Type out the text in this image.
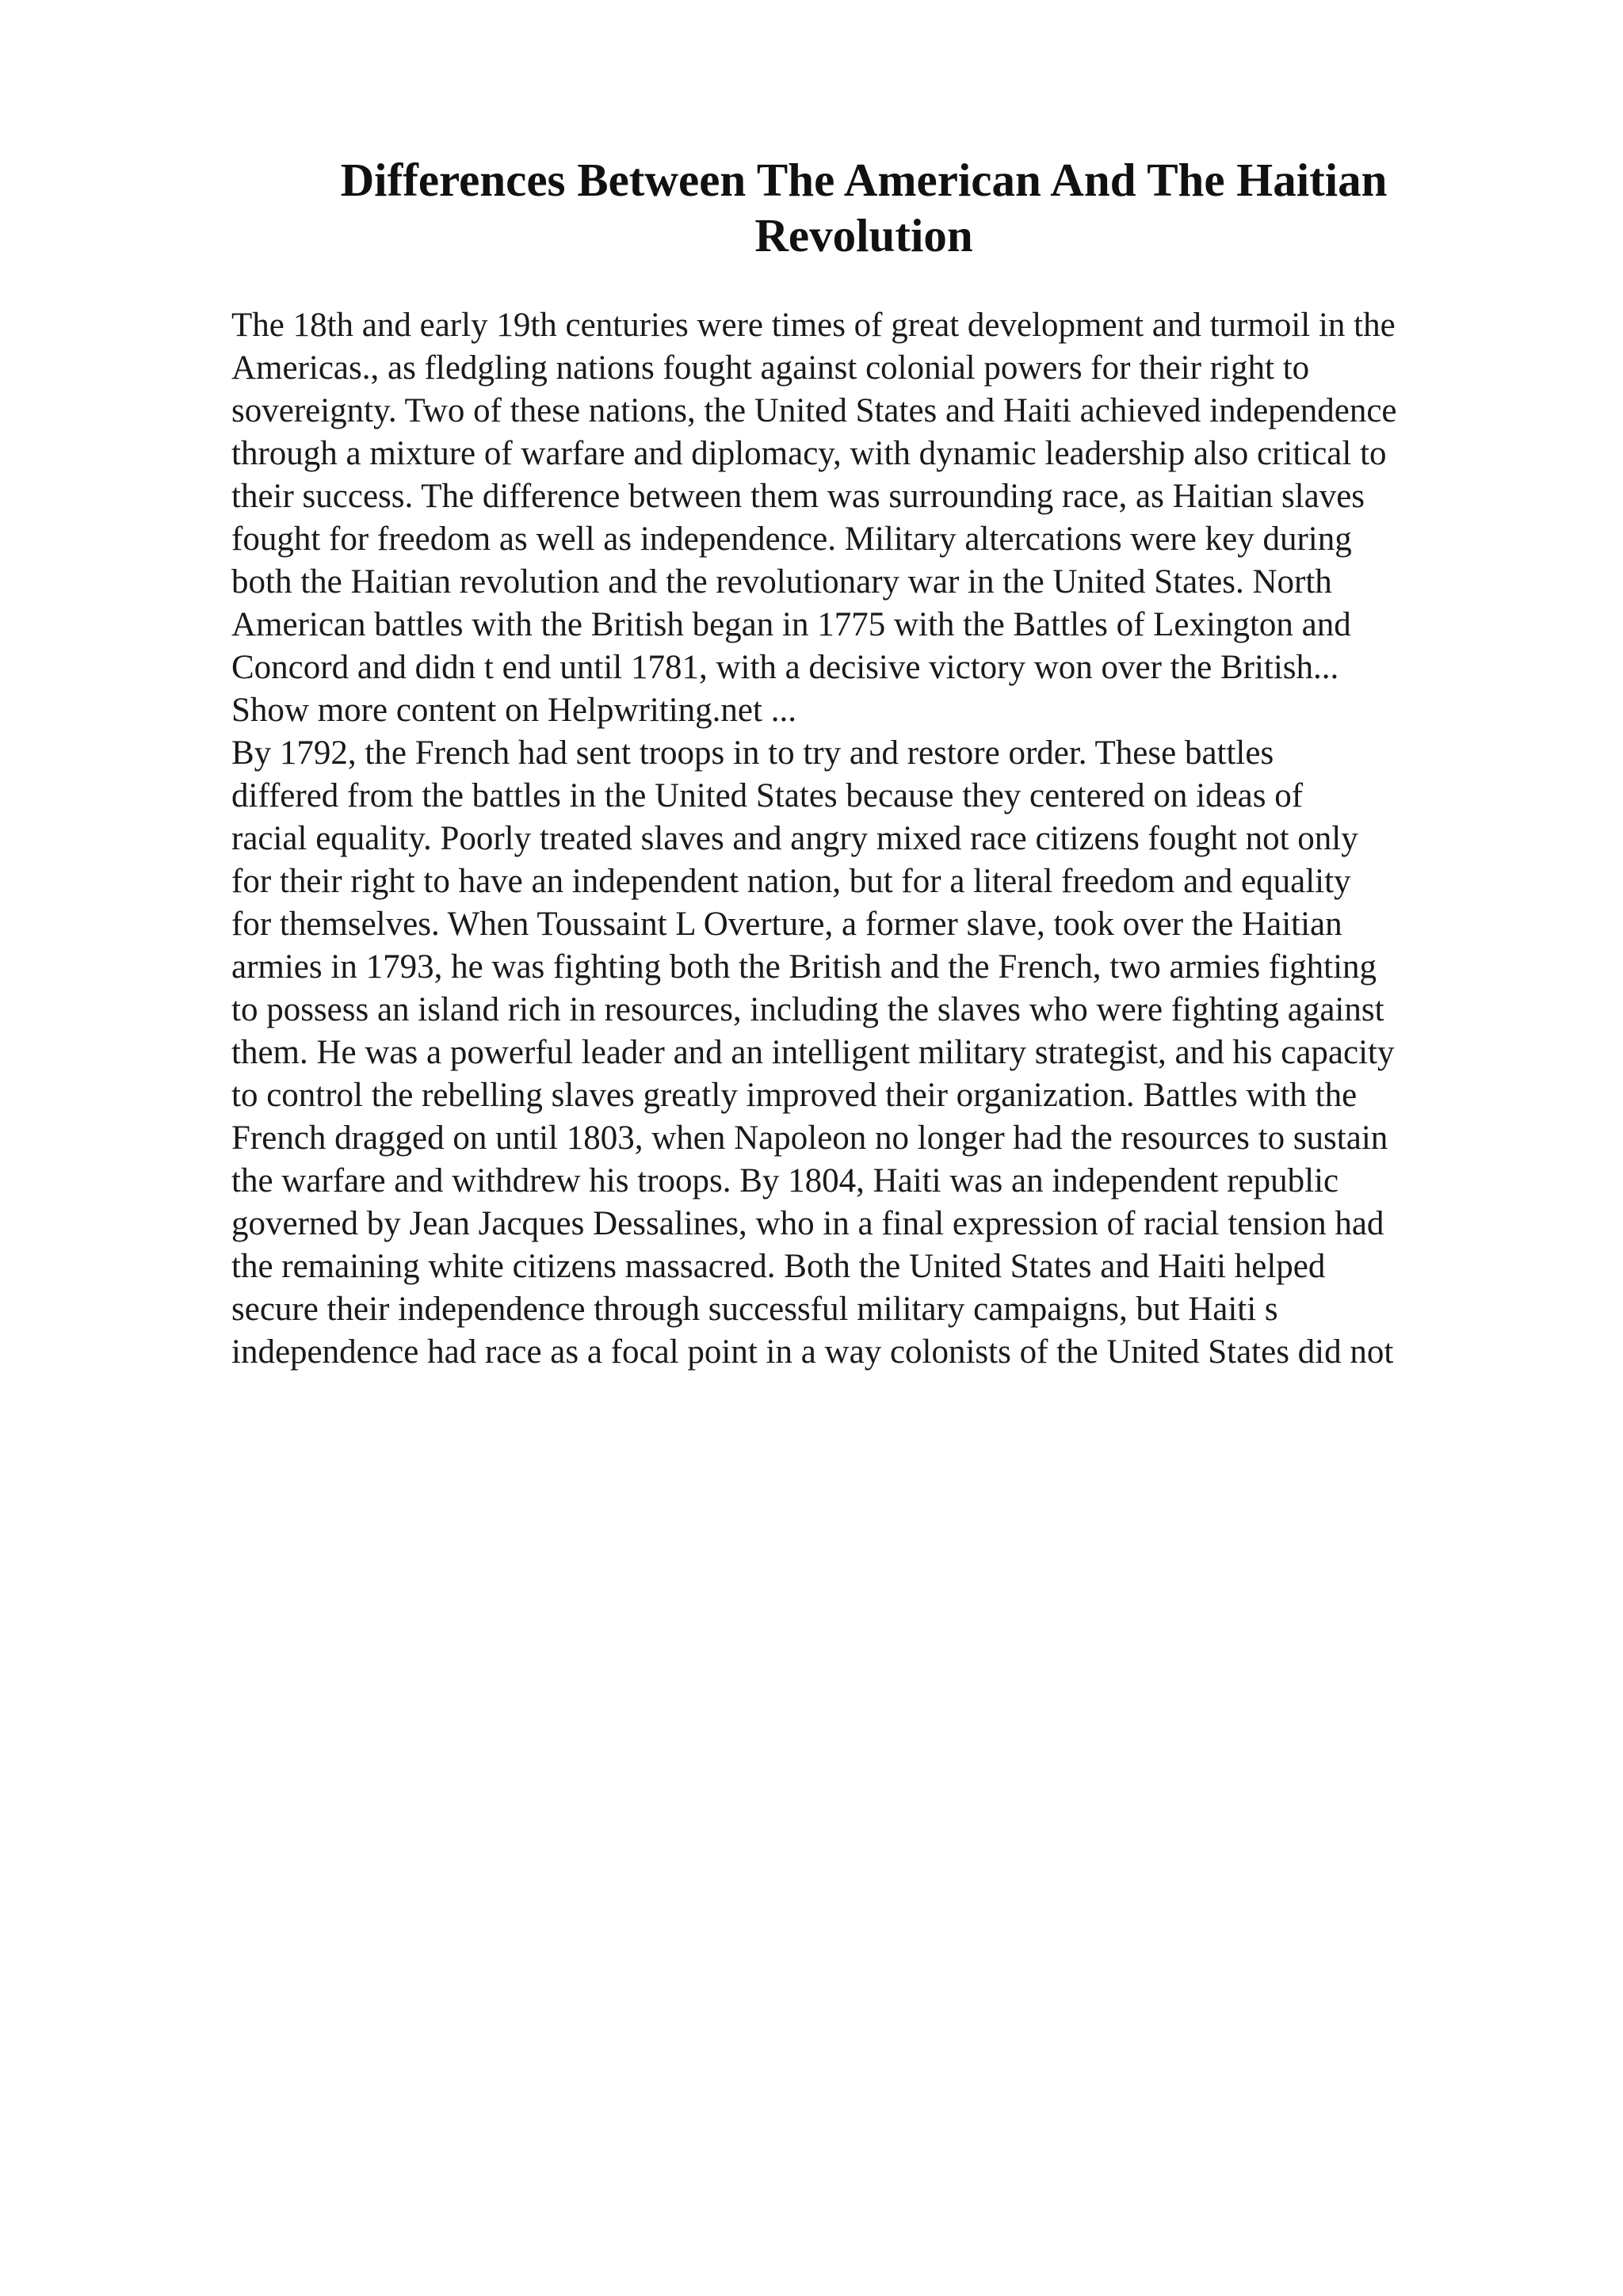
Differences Between The American And The Haitian Revolution
The 18th and early 19th centuries were times of great development and turmoil in the
Americas., as fledgling nations fought against colonial powers for their right to
sovereignty. Two of these nations, the United States and Haiti achieved independence
through a mixture of warfare and diplomacy, with dynamic leadership also critical to
their success. The difference between them was surrounding race, as Haitian slaves
fought for freedom as well as independence. Military altercations were key during
both the Haitian revolution and the revolutionary war in the United States. North
American battles with the British began in 1775 with the Battles of Lexington and
Concord and didn t end until 1781, with a decisive victory won over the British...
Show more content on Helpwriting.net ...
By 1792, the French had sent troops in to try and restore order. These battles
differed from the battles in the United States because they centered on ideas of
racial equality. Poorly treated slaves and angry mixed race citizens fought not only
for their right to have an independent nation, but for a literal freedom and equality
for themselves. When Toussaint L Overture, a former slave, took over the Haitian
armies in 1793, he was fighting both the British and the French, two armies fighting
to possess an island rich in resources, including the slaves who were fighting against
them. He was a powerful leader and an intelligent military strategist, and his capacity
to control the rebelling slaves greatly improved their organization. Battles with the
French dragged on until 1803, when Napoleon no longer had the resources to sustain
the warfare and withdrew his troops. By 1804, Haiti was an independent republic
governed by Jean Jacques Dessalines, who in a final expression of racial tension had
the remaining white citizens massacred. Both the United States and Haiti helped
secure their independence through successful military campaigns, but Haiti s
independence had race as a focal point in a way colonists of the United States did not
